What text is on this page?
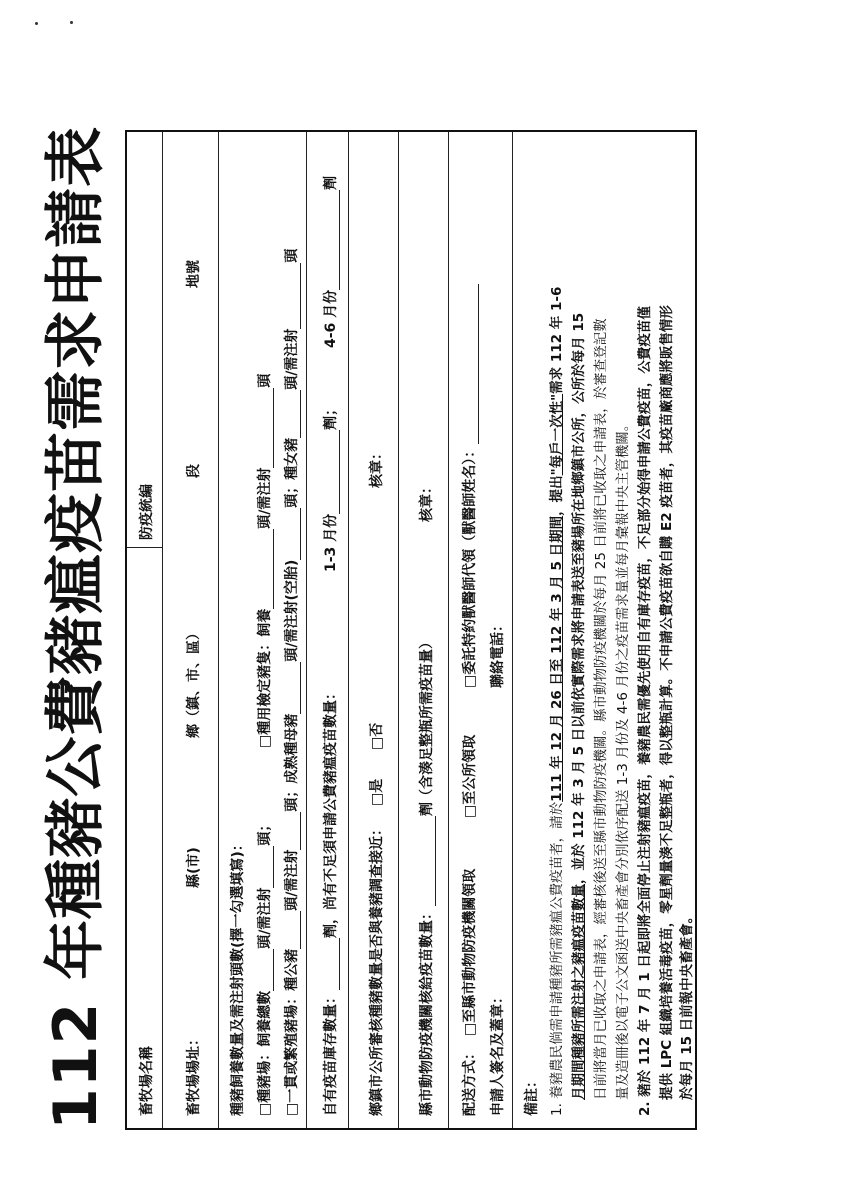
112 年種豬公費豬瘟疫苗需求申請表 畜牧場名稱
防疫統編
畜牧場場址：
縣(市)
鄉（鎮、市、區）
段
地號
種豬飼養數量及需注射頭數(擇一勾選填寫)： □種豬場：飼養總數頭/需注射頭；
□種用檢定豬隻：飼養頭/需注射頭
□一貫或繁殖豬場：種公豬頭/需注射頭；成熟種母豬頭/需注射(空胎)頭；種女豬頭/需注射頭
自有疫苗庫存數量：劑，尚有不足須申請公費豬瘟疫苗數量：
1-3 月份劑；
4-6 月份劑
鄉鎮市公所審核種豬數量是否與養豬調查接近：
□是
□否
核章：
縣市動物防疫機關核給疫苗數量：劑
（含湊足整瓶所需疫苗量）
核章：
配送方式：
□至縣市動物防疫機關領取
□至公所領取
□委託特約獸醫師代領（獸醫師姓名）：
申請人簽名及蓋章：
聯絡電話：
備註： 1. 養豬農民倘需申請種豬所需豬瘟公費疫苗者，請於111 年 12 月 26 日至 112 年 3 月 5 日期間，提出"每戶一次性"需求 112 年 1-6
月期間種豬所需注射之豬瘟疫苗數量，並於 112 年 3 月 5 日以前依實際需求將申請表送至豬場所在地鄉鎮市公所，公所於每月 15 日前將當月已收取之申請表，經審核後送至縣市動物防疫機關。縣市動物防疫機關於每月 25 日前將已收取之申請表，於審查登記數 量及造冊後以電子公文函送中央畜產會分別依序配送 1-3 月份及 4-6 月份之疫苗需求量並每月彙報中央主管機關。 2. 豬於 112 年 7 月 1 日起即將全面停止注射豬瘟疫苗，養豬農民需優先使用自有庫存疫苗，不足部分始得申請公費疫苗，公費疫苗僅 提供 LPC 組織培養活毒疫苗，零星劑量湊不足整瓶者，得以整瓶計算。不申請公費疫苗欲自購 E2 疫苗者，其疫苗廠商應將販售情形 於每月 15 日前報中央畜產會。
